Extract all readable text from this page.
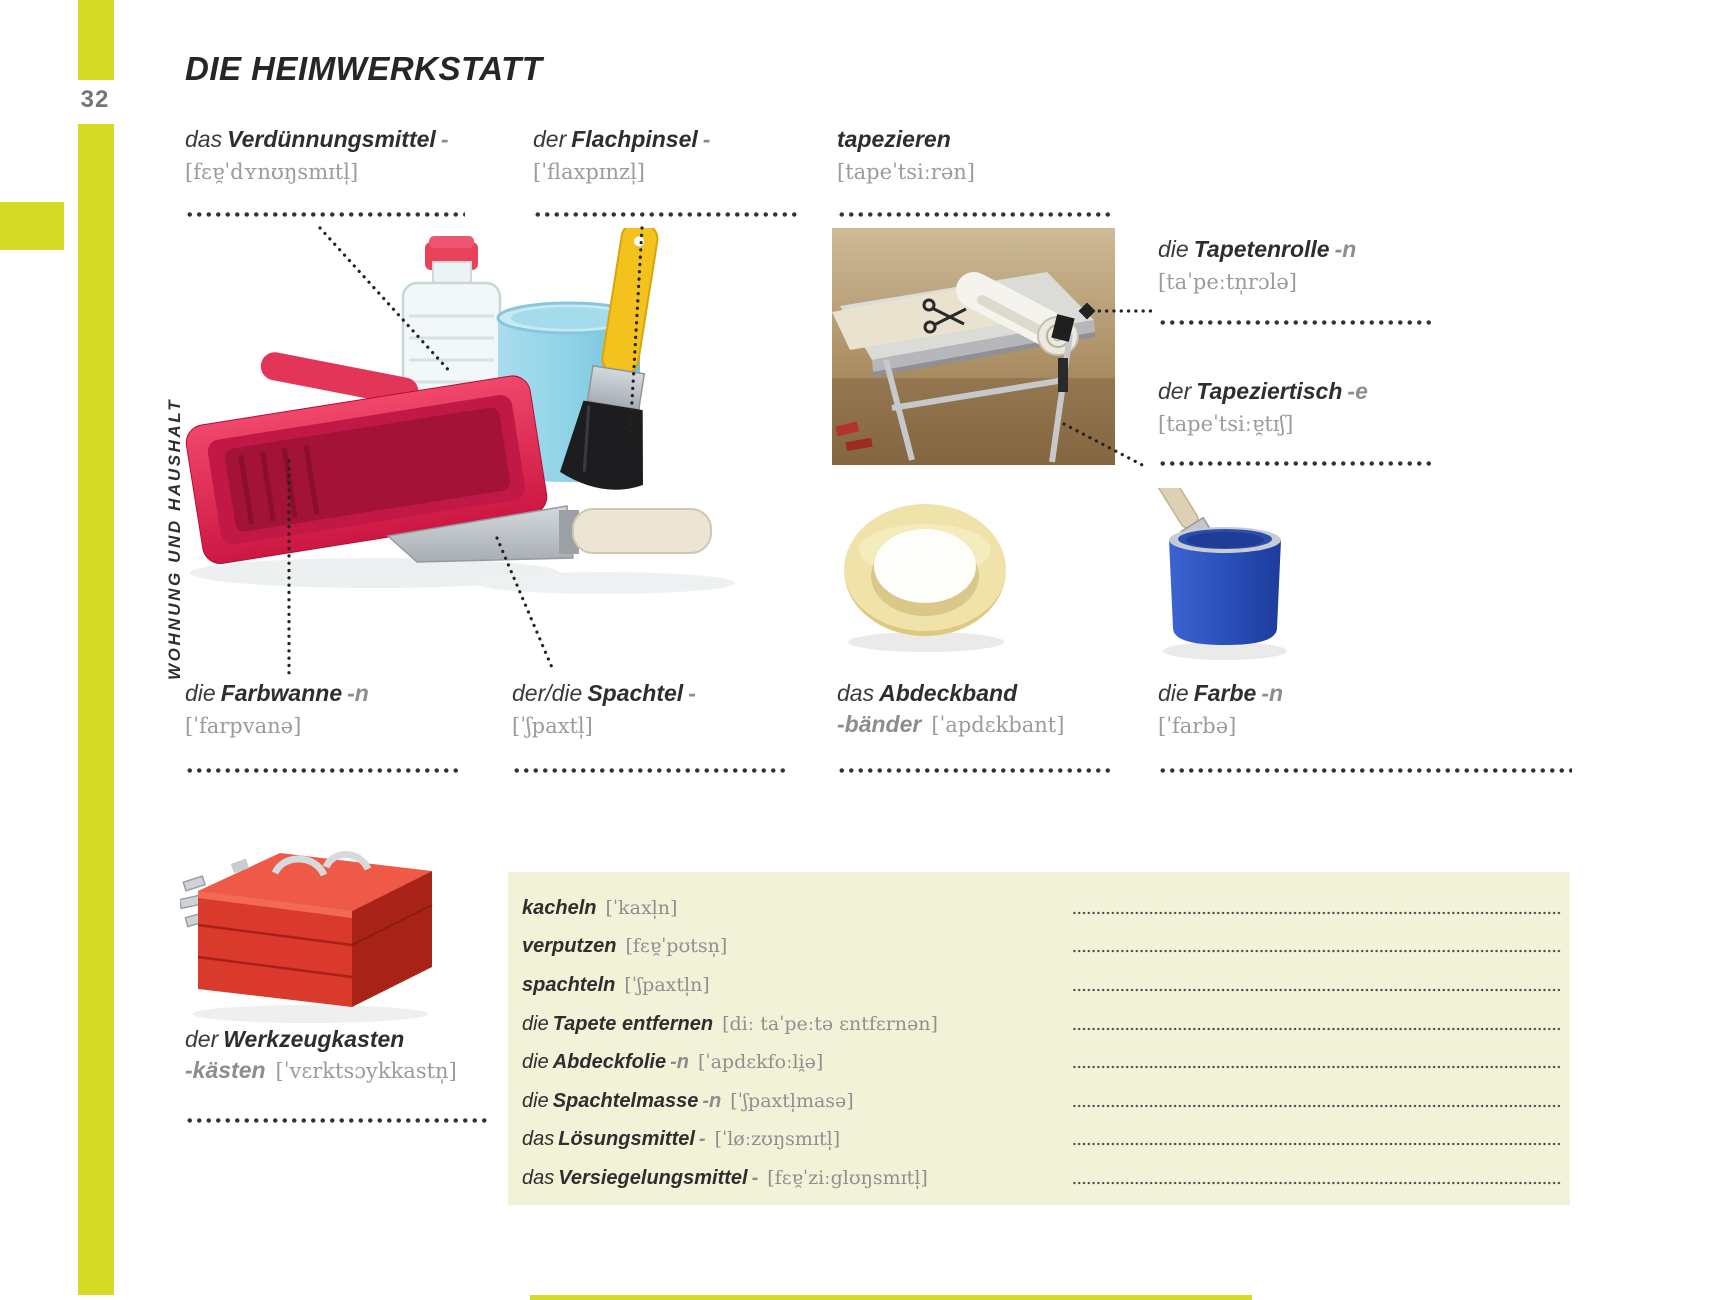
32
WOHNUNG UND HAUSHALT
DIE HEIMWERKSTATT
das Verdünnungsmittel -
[fɛɐ̯ˈdʏnʊŋsmɪtl̩]
der Flachpinsel -
[ˈflaxpɪnzl̩]
tapezieren
[tapeˈtsiːrən]
die Tapetenrolle -n
[taˈpeːtn̩rɔlə]
der Tapeziertisch -e
[tapeˈtsiːɐ̯tɪʃ]
die Farbwanne -n
[ˈfarpvanə]
der/die Spachtel -
[ˈʃpaxtl̩]
das Abdeckband
-bänder [ˈapdɛkbant]
die Farbe -n
[ˈfarbə]
der Werkzeugkasten
-kästen [ˈvɛrktsɔykkastn̩]
kacheln [ˈkaxl̩n]
verputzen [fɛɐ̯ˈpʊtsn̩]
spachteln [ˈʃpaxtl̩n]
die Tapete entfernen [diː taˈpeːtə ɛntfɛrnən]
die Abdeckfolie -n [ˈapdɛkfoːli̯ə]
die Spachtelmasse -n [ˈʃpaxtl̩masə]
das Lösungsmittel - [ˈløːzʊŋsmɪtl̩]
das Versiegelungsmittel - [fɛɐ̯ˈziːglʊŋsmɪtl̩]
